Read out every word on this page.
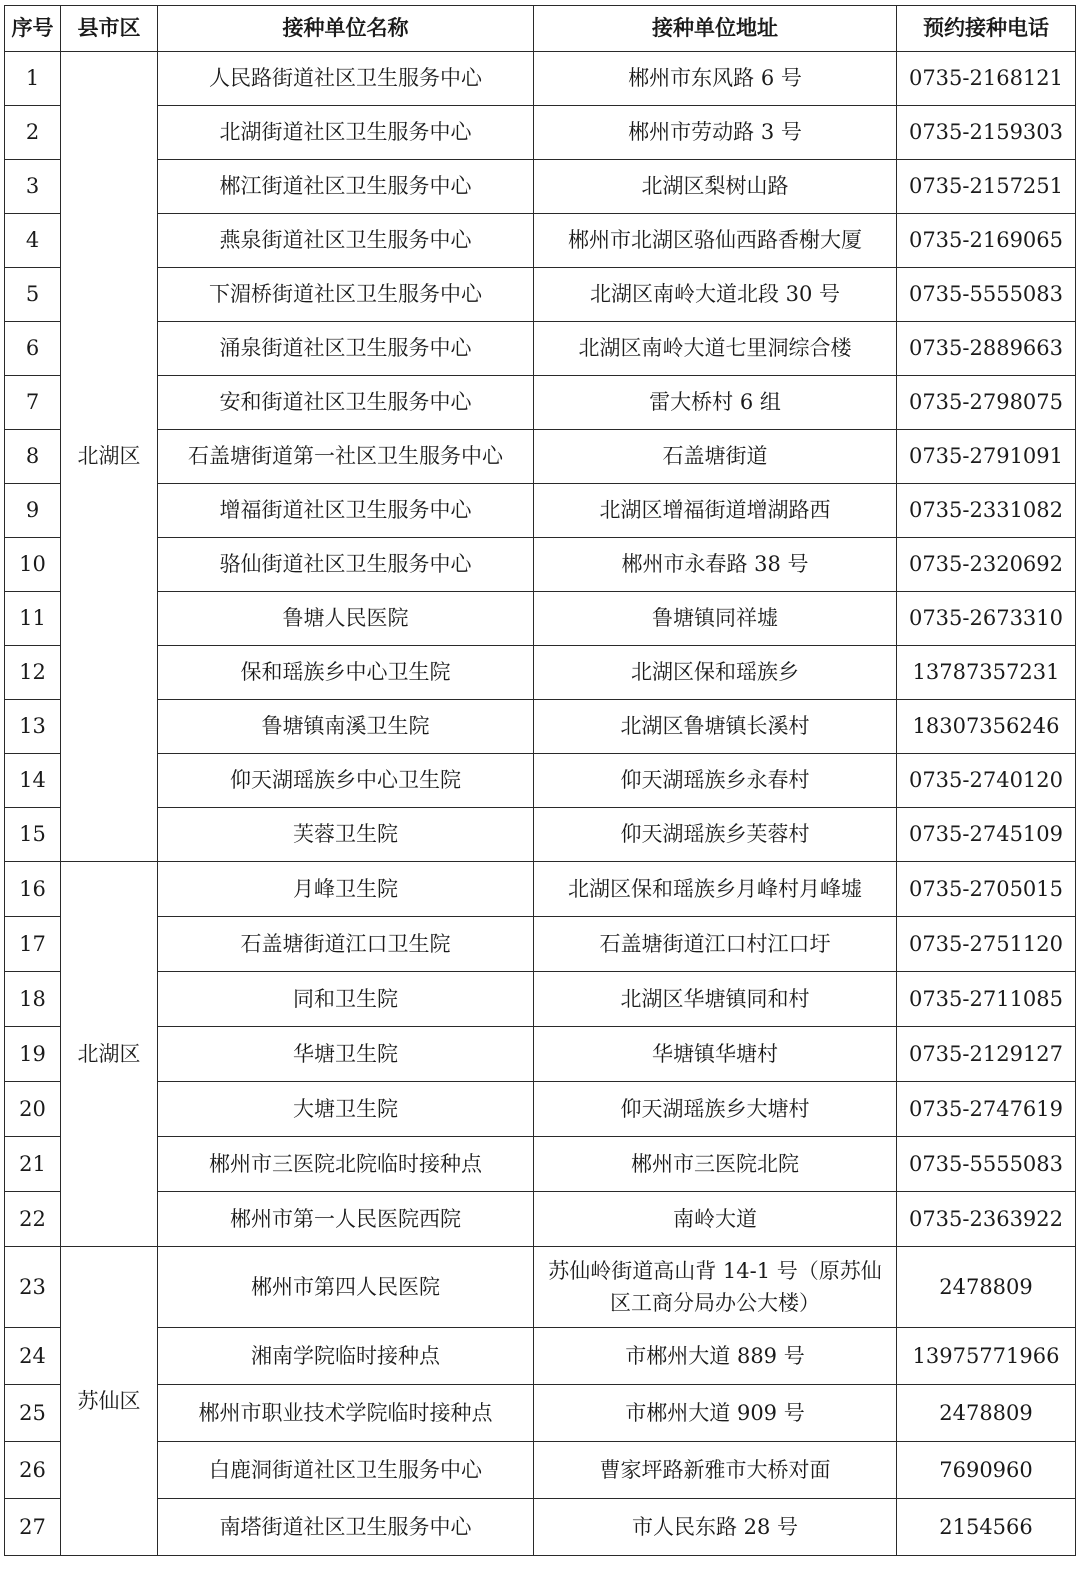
序号	县市区	接种单位名称	接种单位地址	预约接种电话
1	北湖区	人民路街道社区卫生服务中心	郴州市东风路 6 号	0735-2168121
2		北湖街道社区卫生服务中心	郴州市劳动路 3 号	0735-2159303
3		郴江街道社区卫生服务中心	北湖区梨树山路	0735-2157251
4		燕泉街道社区卫生服务中心	郴州市北湖区骆仙西路香榭大厦	0735-2169065
5		下湄桥街道社区卫生服务中心	北湖区南岭大道北段 30 号	0735-5555083
6		涌泉街道社区卫生服务中心	北湖区南岭大道七里洞综合楼	0735-2889663
7		安和街道社区卫生服务中心	雷大桥村 6 组	0735-2798075
8		石盖塘街道第一社区卫生服务中心	石盖塘街道	0735-2791091
9		增福街道社区卫生服务中心	北湖区增福街道增湖路西	0735-2331082
10		骆仙街道社区卫生服务中心	郴州市永春路 38 号	0735-2320692
11		鲁塘人民医院	鲁塘镇同祥墟	0735-2673310
12		保和瑶族乡中心卫生院	北湖区保和瑶族乡	13787357231
13		鲁塘镇南溪卫生院	北湖区鲁塘镇长溪村	18307356246
14		仰天湖瑶族乡中心卫生院	仰天湖瑶族乡永春村	0735-2740120
15		芙蓉卫生院	仰天湖瑶族乡芙蓉村	0735-2745109
16	北湖区	月峰卫生院	北湖区保和瑶族乡月峰村月峰墟	0735-2705015
17		石盖塘街道江口卫生院	石盖塘街道江口村江口圩	0735-2751120
18		同和卫生院	北湖区华塘镇同和村	0735-2711085
19		华塘卫生院	华塘镇华塘村	0735-2129127
20		大塘卫生院	仰天湖瑶族乡大塘村	0735-2747619
21		郴州市三医院北院临时接种点	郴州市三医院北院	0735-5555083
22		郴州市第一人民医院西院	南岭大道	0735-2363922
23	苏仙区	郴州市第四人民医院	苏仙岭街道高山背 14-1 号（原苏仙区工商分局办公大楼）	2478809
24		湘南学院临时接种点	市郴州大道 889 号	13975771966
25		郴州市职业技术学院临时接种点	市郴州大道 909 号	2478809
26		白鹿洞街道社区卫生服务中心	曹家坪路新雅市大桥对面	7690960
27		南塔街道社区卫生服务中心	市人民东路 28 号	2154566
